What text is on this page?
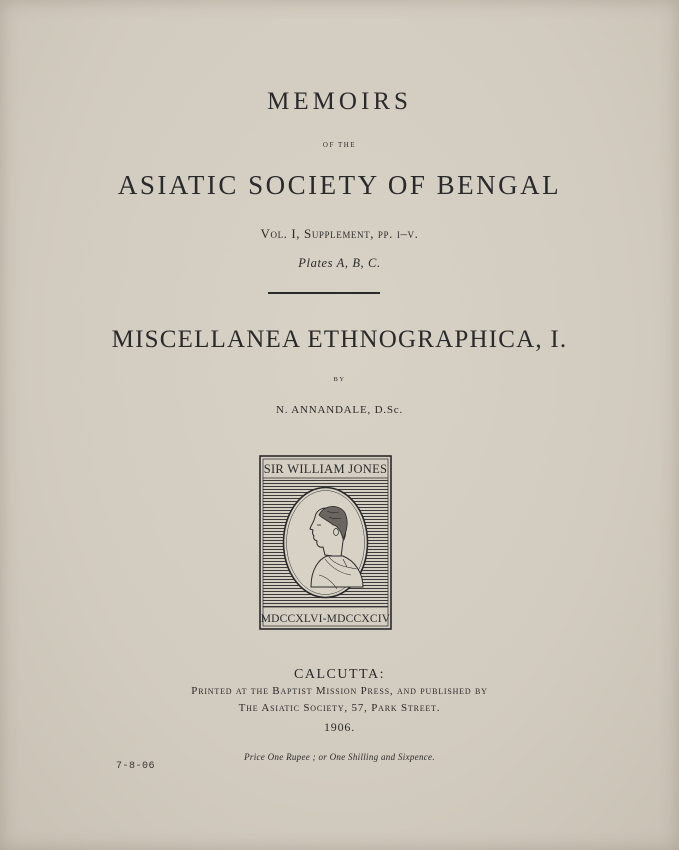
MEMOIRS
OF THE
ASIATIC SOCIETY OF BENGAL
Vol. I, Supplement, pp. i–v.
Plates A, B, C.
MISCELLANEA ETHNOGRAPHICA, I.
BY
N. ANNANDALE, D.Sc.
SIR WILLIAM JONES
MDCCXLVI-MDCCXCIV
CALCUTTA:
Printed at the Baptist Mission Press, and published by
The Asiatic Society, 57, Park Street.
1906.
Price One Rupee ; or One Shilling and Sixpence.
7-8-06
